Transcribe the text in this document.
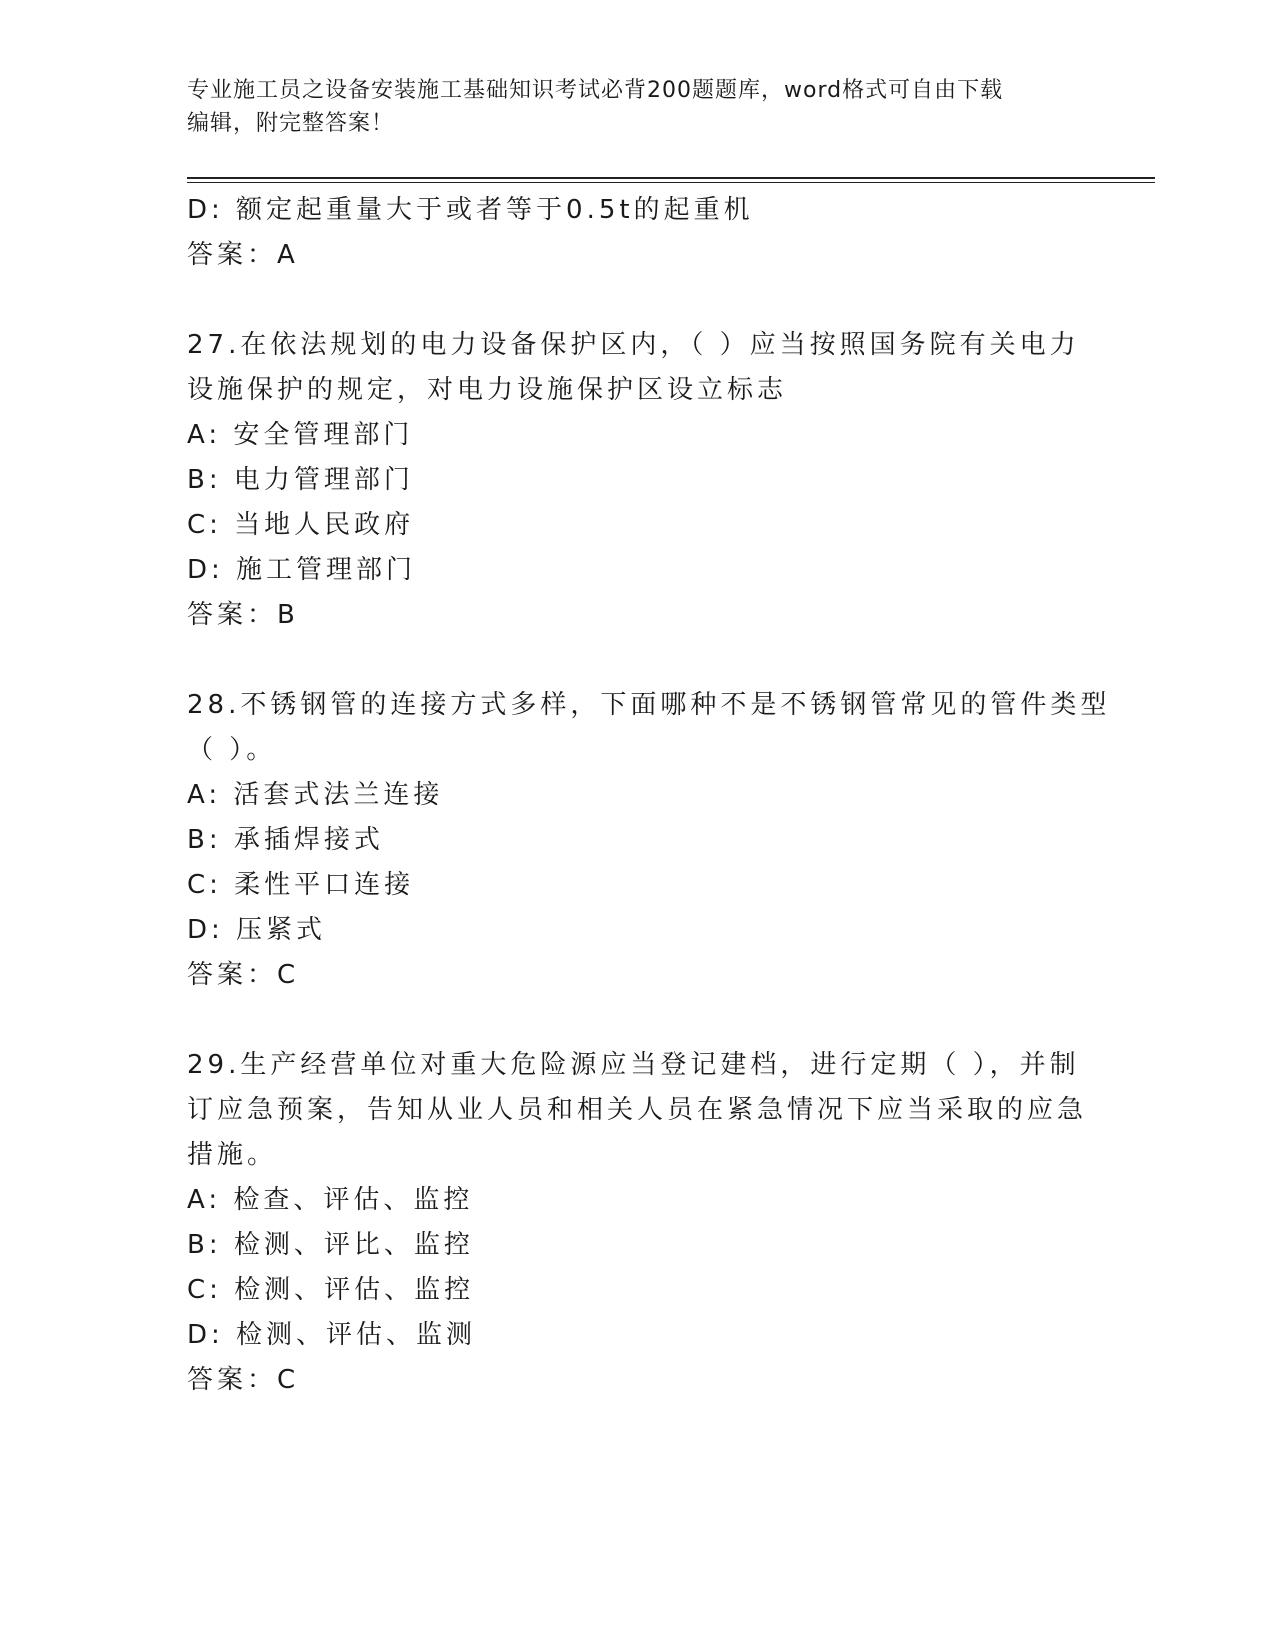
专业施工员之设备安装施工基础知识考试必背200题题库，word格式可自由下载
编辑，附完整答案！
D: 额定起重量大于或者等于0.5t的起重机
答案：A
27.在依法规划的电力设备保护区内，（ ）应当按照国务院有关电力
设施保护的规定，对电力设施保护区设立标志
A: 安全管理部门
B: 电力管理部门
C: 当地人民政府
D: 施工管理部门
答案：B
28.不锈钢管的连接方式多样，下面哪种不是不锈钢管常见的管件类型
（ ）。
A: 活套式法兰连接
B: 承插焊接式
C: 柔性平口连接
D: 压紧式
答案：C
29.生产经营单位对重大危险源应当登记建档，进行定期（ ），并制
订应急预案，告知从业人员和相关人员在紧急情况下应当采取的应急
措施。
A: 检查、评估、监控
B: 检测、评比、监控
C: 检测、评估、监控
D: 检测、评估、监测
答案：C
